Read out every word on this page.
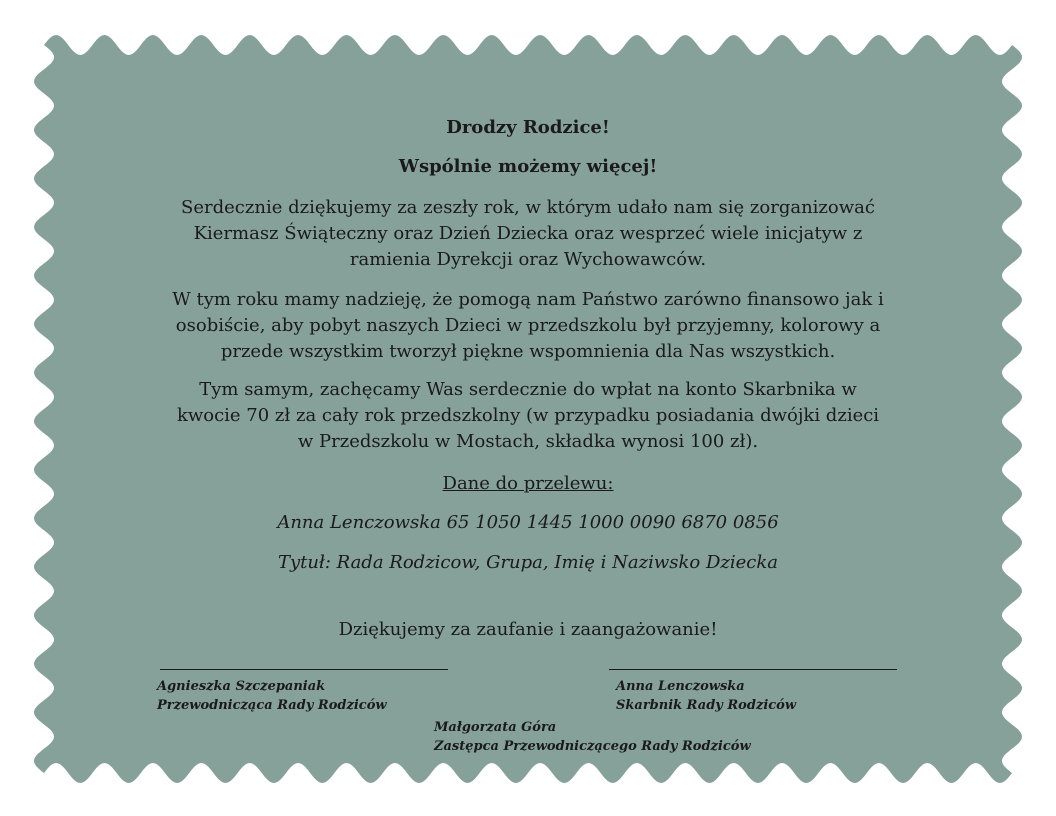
Drodzy Rodzice!
Wspólnie możemy więcej!
Serdecznie dziękujemy za zeszły rok, w którym udało nam się zorganizować
Kiermasz Świąteczny oraz Dzień Dziecka oraz wesprzeć wiele inicjatyw z
ramienia Dyrekcji oraz Wychowawców.
W tym roku mamy nadzieję, że pomogą nam Państwo zarówno finansowo jak i
osobiście, aby pobyt naszych Dzieci w przedszkolu był przyjemny, kolorowy a
przede wszystkim tworzył piękne wspomnienia dla Nas wszystkich.
Tym samym, zachęcamy Was serdecznie do wpłat na konto Skarbnika w
kwocie 70 zł za cały rok przedszkolny (w przypadku posiadania dwójki dzieci
w Przedszkolu w Mostach, składka wynosi 100 zł).
Dane do przelewu:
Anna Lenczowska 65 1050 1445 1000 0090 6870 0856
Tytuł: Rada Rodzicow, Grupa, Imię i Naziwsko Dziecka
Dziękujemy za zaufanie i zaangażowanie!
Agnieszka Szczepaniak
Przewodnicząca Rady Rodziców
Anna Lenczowska
Skarbnik Rady Rodziców
Małgorzata Góra
Zastępca Przewodniczącego Rady Rodziców
